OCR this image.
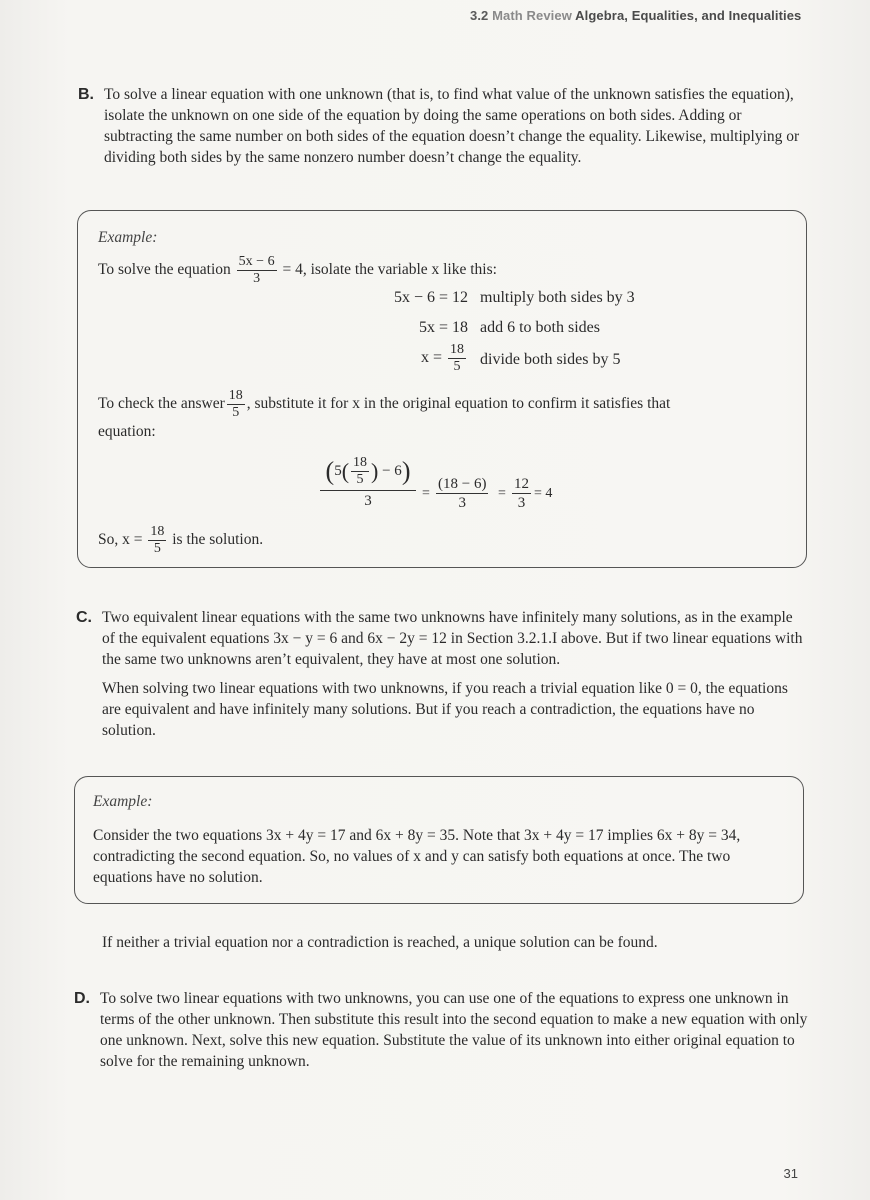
3.2 Math Review Algebra, Equalities, and Inequalities
B. To solve a linear equation with one unknown (that is, to find what value of the unknown satisfies the equation), isolate the unknown on one side of the equation by doing the same operations on both sides. Adding or subtracting the same number on both sides of the equation doesn’t change the equality. Likewise, multiplying or dividing both sides by the same nonzero number doesn’t change the equality.
Example:
To solve the equation $\frac{5x - 6}{3} = 4$, isolate the variable x like this:
5x − 6 = 12 multiply both sides by 3
5x = 18 add 6 to both sides
$x = \frac{18}{5}$ divide both sides by 5
To check the answer $\frac{18}{5}$ , substitute it for x in the original equation to confirm it satisfies that
equation:
$\frac{(5( \frac{18}{5} ) - 6)}{3} = \frac{(18 - 6)}{3} = \frac{12}{3} = 4$
So, $x = \frac{18}{5}$ is the solution.
C. Two equivalent linear equations with the same two unknowns have infinitely many solutions, as in the example of the equivalent equations 3x − y = 6 and 6x − 2y = 12 in Section 3.2.1.I above. But if two linear equations with the same two unknowns aren’t equivalent, they have at most one solution.
When solving two linear equations with two unknowns, if you reach a trivial equation like 0 = 0, the equations are equivalent and have infinitely many solutions. But if you reach a contradiction, the equations have no solution.
Example:
Consider the two equations 3x + 4y = 17 and 6x + 8y = 35. Note that 3x + 4y = 17 implies 6x + 8y = 34, contradicting the second equation. So, no values of x and y can satisfy both equations at once. The two equations have no solution.
If neither a trivial equation nor a contradiction is reached, a unique solution can be found.
D. To solve two linear equations with two unknowns, you can use one of the equations to express one unknown in terms of the other unknown. Then substitute this result into the second equation to make a new equation with only one unknown. Next, solve this new equation. Substitute the value of its unknown into either original equation to solve for the remaining unknown.
31
